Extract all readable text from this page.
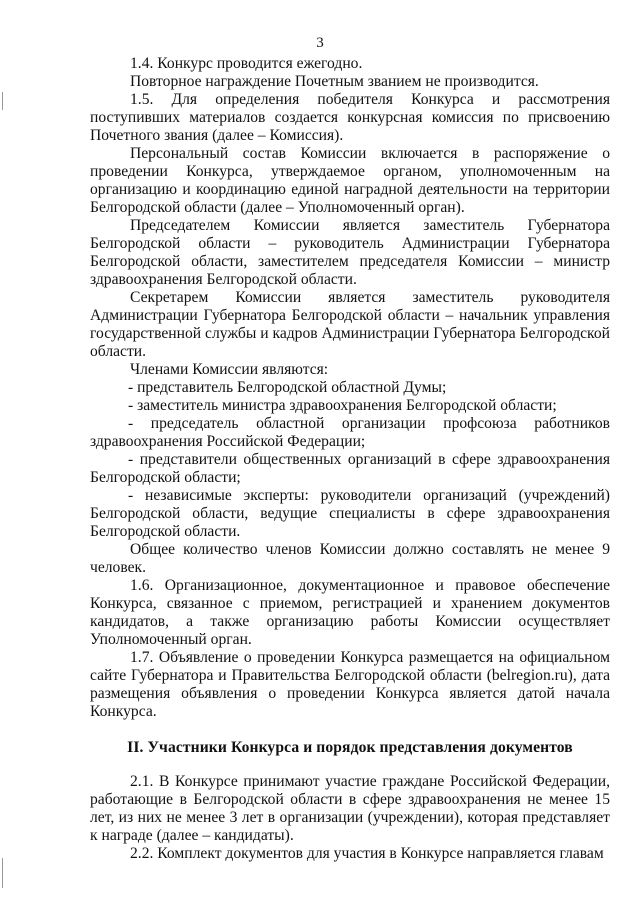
3

1.4. Конкурс проводится ежегодно.

Повторное награждение Почетным званием не производится.

1.5. Для определения победителя Конкурса и рассмотрения поступивших материалов создается конкурсная комиссия по присвоению Почетного звания (далее – Комиссия).

Персональный состав Комиссии включается в распоряжение о проведении Конкурса, утверждаемое органом, уполномоченным на организацию и координацию единой наградной деятельности на территории Белгородской области (далее – Уполномоченный орган).

Председателем Комиссии является заместитель Губернатора Белгородской области – руководитель Администрации Губернатора Белгородской области, заместителем председателя Комиссии – министр здравоохранения Белгородской области.

Секретарем Комиссии является заместитель руководителя Администрации Губернатора Белгородской области – начальник управления государственной службы и кадров Администрации Губернатора Белгородской области.

Членами Комиссии являются:

- представитель Белгородской областной Думы;

- заместитель министра здравоохранения Белгородской области;

- председатель областной организации профсоюза работников здравоохранения Российской Федерации;

- представители общественных организаций в сфере здравоохранения Белгородской области;

- независимые эксперты: руководители организаций (учреждений) Белгородской области, ведущие специалисты в сфере здравоохранения Белгородской области.

Общее количество членов Комиссии должно составлять не менее 9 человек.

1.6. Организационное, документационное и правовое обеспечение Конкурса, связанное с приемом, регистрацией и хранением документов кандидатов, а также организацию работы Комиссии осуществляет Уполномоченный орган.

1.7. Объявление о проведении Конкурса размещается на официальном сайте Губернатора и Правительства Белгородской области (belregion.ru), дата размещения объявления о проведении Конкурса является датой начала Конкурса.

II. Участники Конкурса и порядок представления документов

2.1. В Конкурсе принимают участие граждане Российской Федерации, работающие в Белгородской области в сфере здравоохранения не менее 15 лет, из них не менее 3 лет в организации (учреждении), которая представляет к награде (далее – кандидаты).

2.2. Комплект документов для участия в Конкурсе направляется главам
